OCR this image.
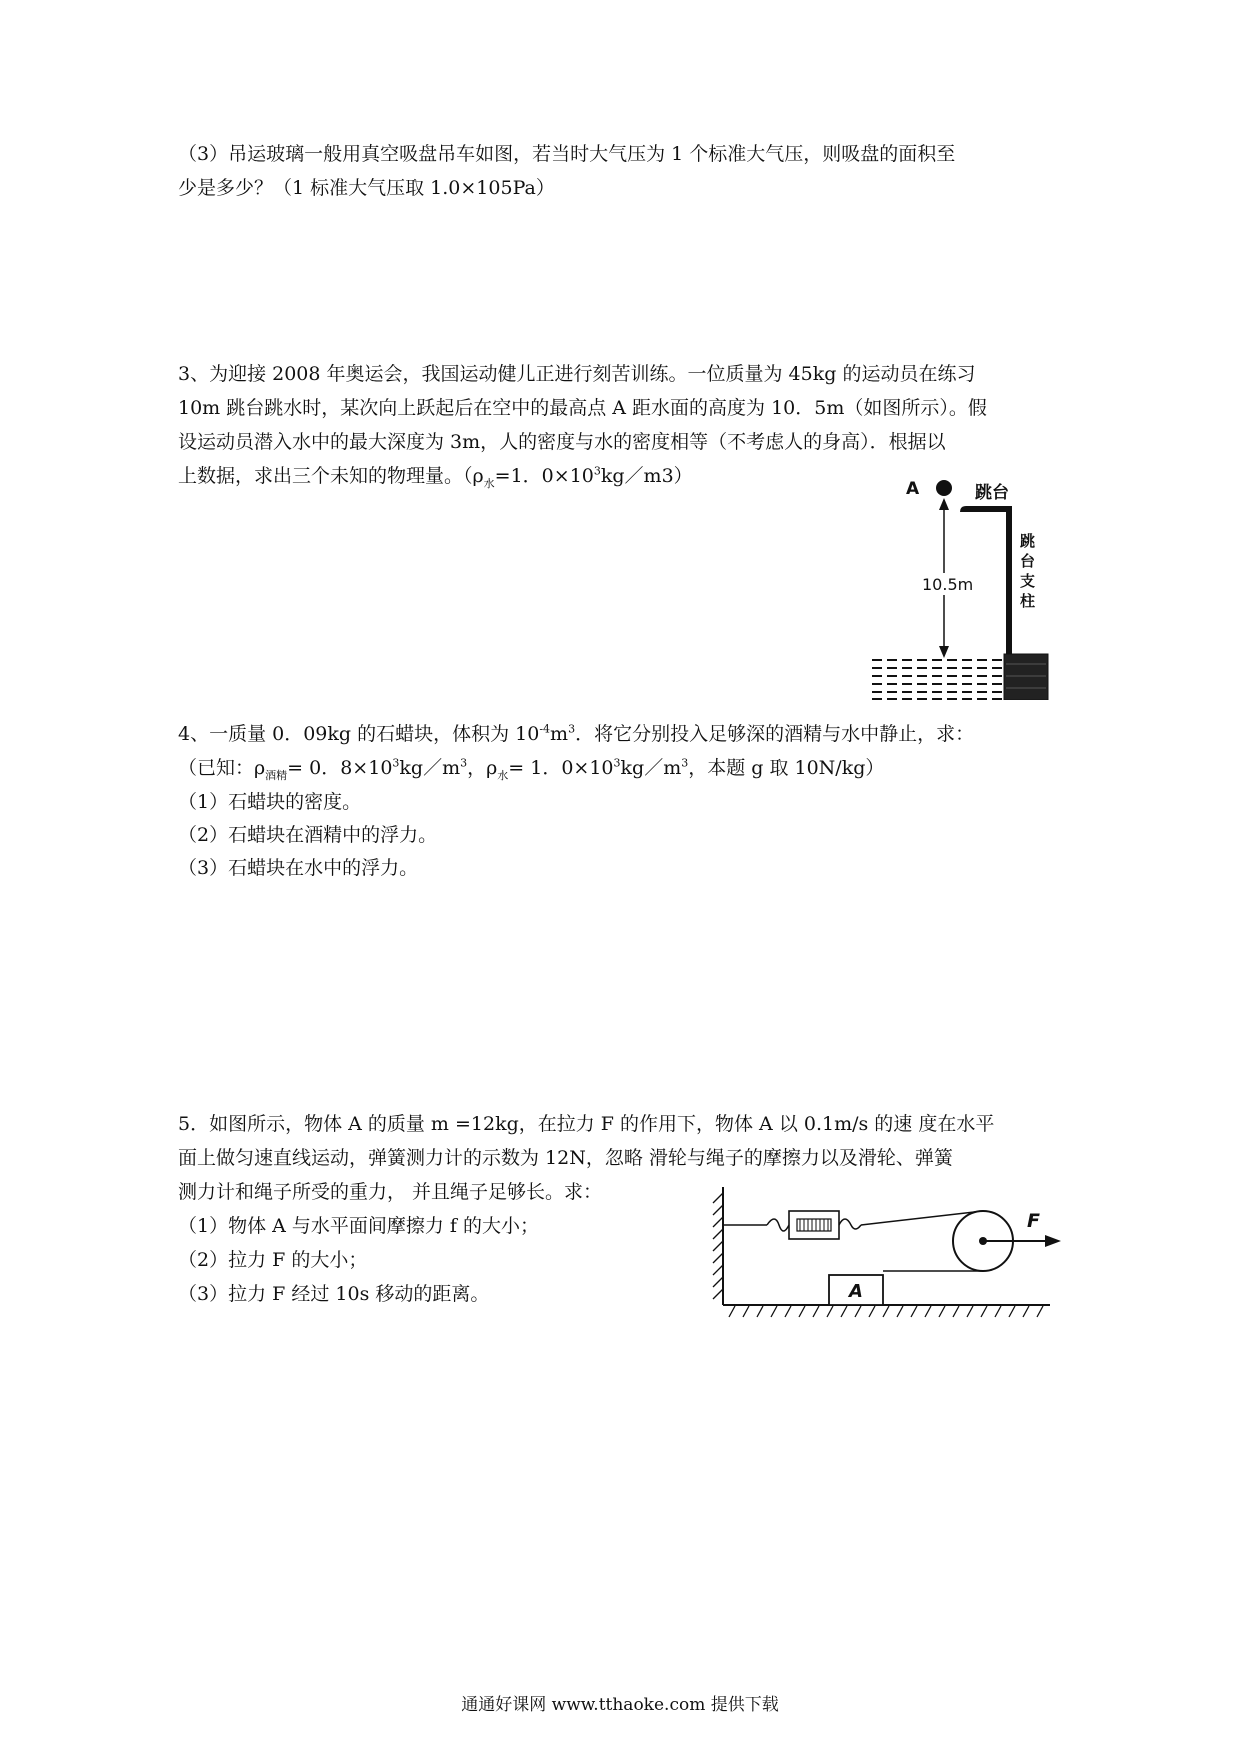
（3）吊运玻璃一般用真空吸盘吊车如图，若当时大气压为 1 个标准大气压，则吸盘的面积至
少是多少？（1 标准大气压取 1.0×105Pa）
3、为迎接 2008 年奥运会，我国运动健儿正进行刻苦训练。一位质量为 45kg 的运动员在练习
10m 跳台跳水时，某次向上跃起后在空中的最高点 A 距水面的高度为 10．5m（如图所示）。假
设运动员潜入水中的最大深度为 3m，人的密度与水的密度相等（不考虑人的身高）．根据以
上数据，求出三个未知的物理量。（$\rho_水=1$．$0\times 10^3kg/m3$）
A	跳台
跳
台
支
柱
10.5m
4、一质量 0．09kg 的石蜡块，体积为 $10^{-4}m^3$．将它分别投入足够深的酒精与水中静止，求：
（已知：$\rho_{酒精}= 0$．$8\times 10^3kg/m^3$，$\rho_水= 1$．$0\times 10^3kg/m^3$，本题 g 取 10N/kg）
（1）石蜡块的密度。
（2）石蜡块在酒精中的浮力。
（3）石蜡块在水中的浮力。
5．如图所示，物体 A 的质量 m =12kg，在拉力 F 的作用下，物体 A 以 0.1m/s 的速 度在水平
面上做匀速直线运动，弹簧测力计的示数为 12N，忽略 滑轮与绳子的摩擦力以及滑轮、弹簧
测力计和绳子所受的重力， 并且绳子足够长。求：
（1）物体 A 与水平面间摩擦力 f 的大小；
（2）拉力 F 的大小；
（3）拉力 F 经过 10s 移动的距离。	A
F
通通好课网 www.tthaoke.com 提供下载
